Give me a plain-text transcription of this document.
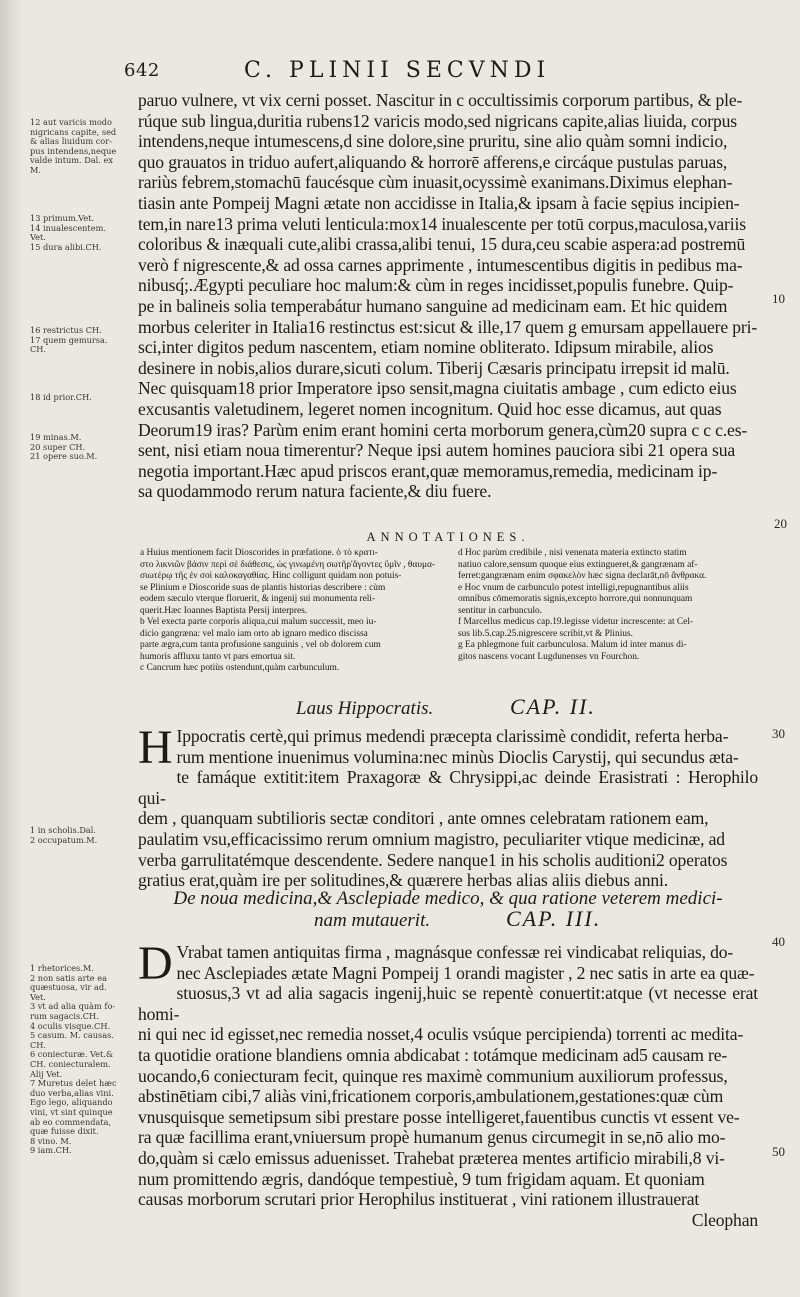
642	C. PLINII SECVNDI
12 aut varicis modo
nigricans capite, sed
& alias liuidum cor-
pus intendens,neque
valde intum. Dal. ex
M.
13 primum.Vet.
14 inualescentem.
Vet.
15 dura alibi.CH.
16 restrictus CH.
17 quem gemursa.
CH.
18 id prior.CH.
19 minas.M.
20 super CH.
21 opere suo.M.
1 in scholis.Dal.
2 occupatum.M.
1 rhetorices.M.
2 non satis arte ea
quæstuosa, vir ad.
Vet.
3 vt ad alia quàm fo-
rum sagacis.CH.
4 oculis visque.CH.
5 casum. M. causas.
CH.
6 coniecturæ. Vet.&
CH. coniecturalem.
Alij Vet.
7 Muretus delet hæc
duo verba,alias vini.
Ego lego, aliquando
vini, vt sint quinque
ab eo commendata,
quæ fuisse dixit.
8 vino. M.
9 iam.CH.

paruo vulnere, vt vix cerni posset. Nascitur in c occultissimis corporum partibus, & ple-

rúque sub lingua,duritia rubens12 varicis modo,sed nigricans capite,alias liuida, corpus

intendens,neque intumescens,d sine dolore,sine pruritu, sine alio quàm somni indicio,

quo grauatos in triduo aufert,aliquando & horrorē afferens,e circáque pustulas paruas,

rariùs febrem,stomachū faucésque cùm inuasit,ocyssimè exanimans.Diximus elephan-

tiasin ante Pompeij Magni ætate non accidisse in Italia,& ipsam à facie sępius incipien-

tem,in nare13 prima veluti lenticula:mox14 inualescente per totū corpus,maculosa,variis

coloribus & inæquali cute,alibi crassa,alibi tenui, 15 dura,ceu scabie aspera:ad postremū

verò f nigrescente,& ad ossa carnes apprimente , intumescentibus digitis in pedibus ma-

nibusq́;.Ægypti peculiare hoc malum:& cùm in reges incidisset,populis funebre. Quip-

pe in balineis solia temperabátur humano sanguine ad medicinam eam. Et hic quidem

morbus celeriter in Italia16 restinctus est:sicut & ille,17 quem g emursam appellauere pri-

sci,inter digitos pedum nascentem, etiam nomine obliterato. Idipsum mirabile, alios

desinere in nobis,alios durare,sicuti colum. Tiberij Cæsaris principatu irrepsit id malū.

Nec quisquam18 prior Imperatore ipso sensit,magna ciuitatis ambage , cum edicto eius

excusantis valetudinem, legeret nomen incognitum. Quid hoc esse dicamus, aut quas

Deorum19 iras? Parùm enim erant homini certa morborum genera,cùm20 supra c c c.es-

sent, nisi etiam noua timerentur? Neque ipsi autem homines pauciora sibi 21 opera sua

negotia important.Hæc apud priscos erant,quæ memoramus,remedia, medicinam ip-

sa quodammodo rerum natura faciente,& diu fuere.

10
20
30
40
50
ANNOTATIONES.
a Huius mentionem facit Dioscorides in præfatione. ὁ τὸ κρατι-
στο λικνιῶν βάσιν περὶ σὲ διάθεσις, ὡς γινωμένη σωτῆρ'ἄγοντες ὕμῖν , θαυμα-
σιωτέρῳ τῆς ἐν σοὶ καλοκαγαθίας. Hinc colligunt quidam non potuis-
se Plinium e Dioscoride suas de plantis historias describere : cùm
eodem sæculo vterque floruerit, & ingenij sui monumenta reli-
querit.Hæc Ioannes Baptista Persij interpres.
b Vel execta parte corporis aliqua,cui malum successit, meo iu-
dicio gangræna: vel malo iam orto ab ignaro medico discissa
parte ægra,cum tanta profusione sanguinis , vel ob dolorem cum
humoris affluxu tanto vt pars emortua sit.
c Cancrum hæc potiùs ostendunt,quàm carbunculum.
d Hoc parùm credibile , nisi venenata materia extincto statim
natiuo calore,sensum quoque eius extingueret,& gangrænam af-
ferret:gangrænam enim σφακελὸν hæc signa declarāt,nō ἄνθρακα.
e Hoc vnum de carbunculo potest intelligi,repugnantibus aliis
omnibus cōmemoratis signis,excepto horrore,qui nonnunquam
sentitur in carbunculo.
f Marcellus medicus cap.19.legisse videtur increscente: at Cel-
sus lib.5.cap.25.nigrescere scribit,vt & Plinius.
g Ea phlegmone fuit carbunculosa. Malum id inter manus di-
gitos nascens vocant Lugdunenses vn Fourchon.
Laus Hippocratis.	CAP. II.
H Ippocratis certè,qui primus medendi præcepta clarissimè condidit, referta herba-

rum mentione inuenimus volumina:nec minùs Dioclis Carystij, qui secundus æta-

te famáque extitit:item Praxagoræ & Chrysippi,ac deinde Erasistrati : Herophilo qui-

dem , quanquam subtilioris sectæ conditori , ante omnes celebratam rationem eam,

paulatim vsu,efficacissimo rerum omnium magistro, peculiariter vtique medicinæ, ad

verba garrulitatémque descendente. Sedere nanque1 in his scholis auditioni2 operatos

gratius erat,quàm ire per solitudines,& quærere herbas alias aliis diebus anni.

De noua medicina,& Asclepiade medico, & qua ratione veterem medici-
nam mutauerit.	CAP. III.
D Vrabat tamen antiquitas firma , magnásque confessæ rei vindicabat reliquias, do-

nec Asclepiades ætate Magni Pompeij 1 orandi magister , 2 nec satis in arte ea quæ-

stuosus,3 vt ad alia sagacis ingenij,huic se repentè conuertit:atque (vt necesse erat homi-

ni qui nec id egisset,nec remedia nosset,4 oculis vsúque percipienda) torrenti ac medita-

ta quotidie oratione blandiens omnia abdicabat : totámque medicinam ad5 causam re-

uocando,6 coniecturam fecit, quinque res maximè communium auxiliorum professus,

abstinētiam cibi,7 aliàs vini,fricationem corporis,ambulationem,gestationes:quæ cùm

vnusquisque semetipsum sibi prestare posse intelligeret,fauentibus cunctis vt essent ve-

ra quæ facillima erant,vniuersum propè humanum genus circumegit in se,nō alio mo-

do,quàm si cælo emissus aduenisset. Trahebat præterea mentes artificio mirabili,8 vi-

num promittendo ægris, dandóque tempestiuè, 9 tum frigidam aquam. Et quoniam

causas morborum scrutari prior Herophilus instituerat , vini rationem illustrauerat

Cleophan
